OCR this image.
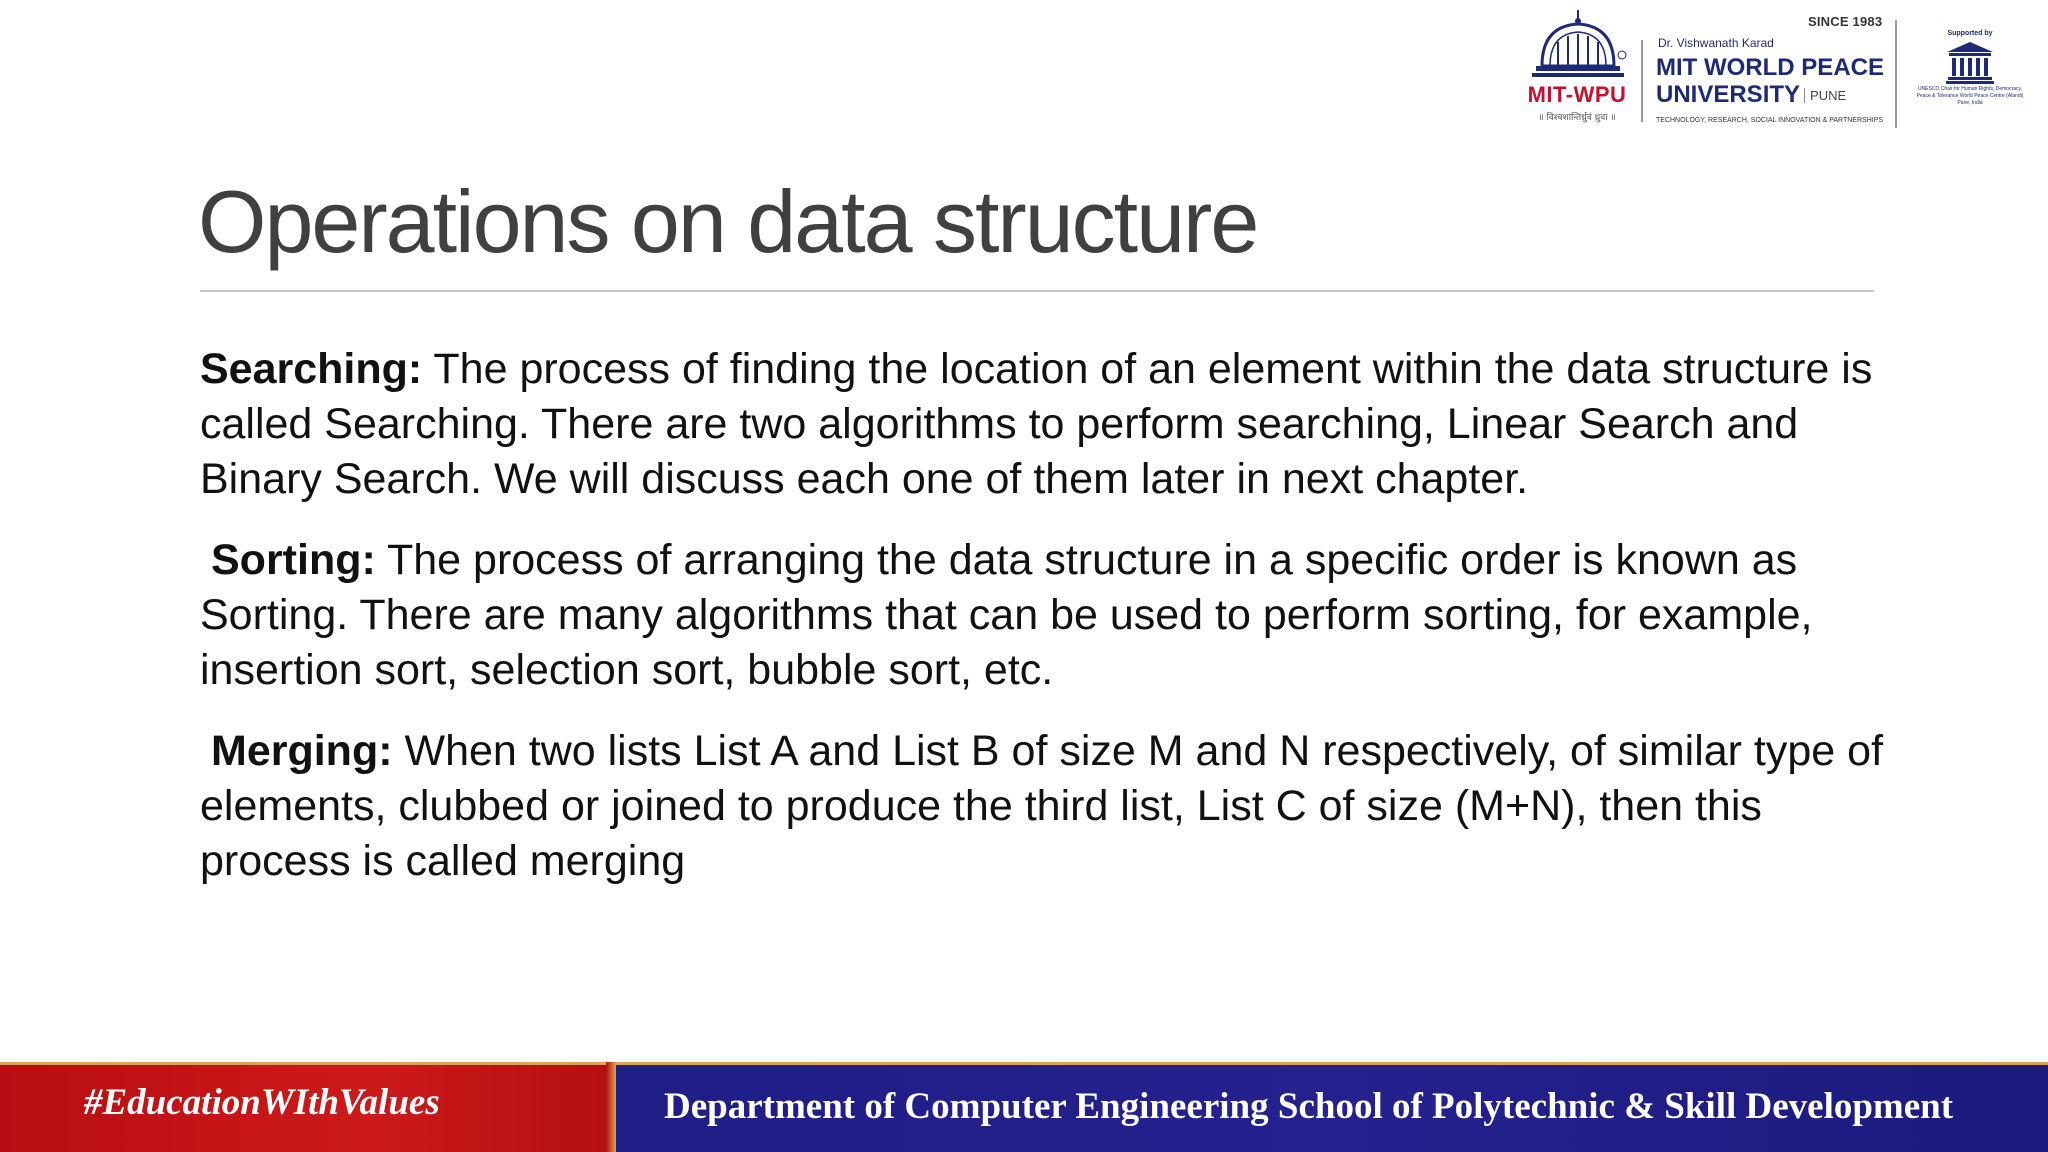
SINCE 1983
MIT-WPU
॥ विश्वशान्तिर्ध्रुवं ध्रुवा ॥
Dr. Vishwanath Karad
MIT WORLD PEACE
UNIVERSITY PUNE
TECHNOLOGY, RESEARCH, SOCIAL INNOVATION & PARTNERSHIPS
Supported by
UNESCO Chair for Human Rights, Democracy, Peace & Tolerance World Peace Centre (Alandi) Pune, India
Operations on data structure

Searching: The process of finding the location of an element within the data structure is called Searching. There are two algorithms to perform searching, Linear Search and Binary Search. We will discuss each one of them later in next chapter.

Sorting: The process of arranging the data structure in a specific order is known as Sorting. There are many algorithms that can be used to perform sorting, for example, insertion sort, selection sort, bubble sort, etc.

Merging: When two lists List A and List B of size M and N respectively, of similar type of elements, clubbed or joined to produce the third list, List C of size (M+N), then this process is called merging

#EducationWIthValues	Department of Computer Engineering School of Polytechnic & Skill Development
